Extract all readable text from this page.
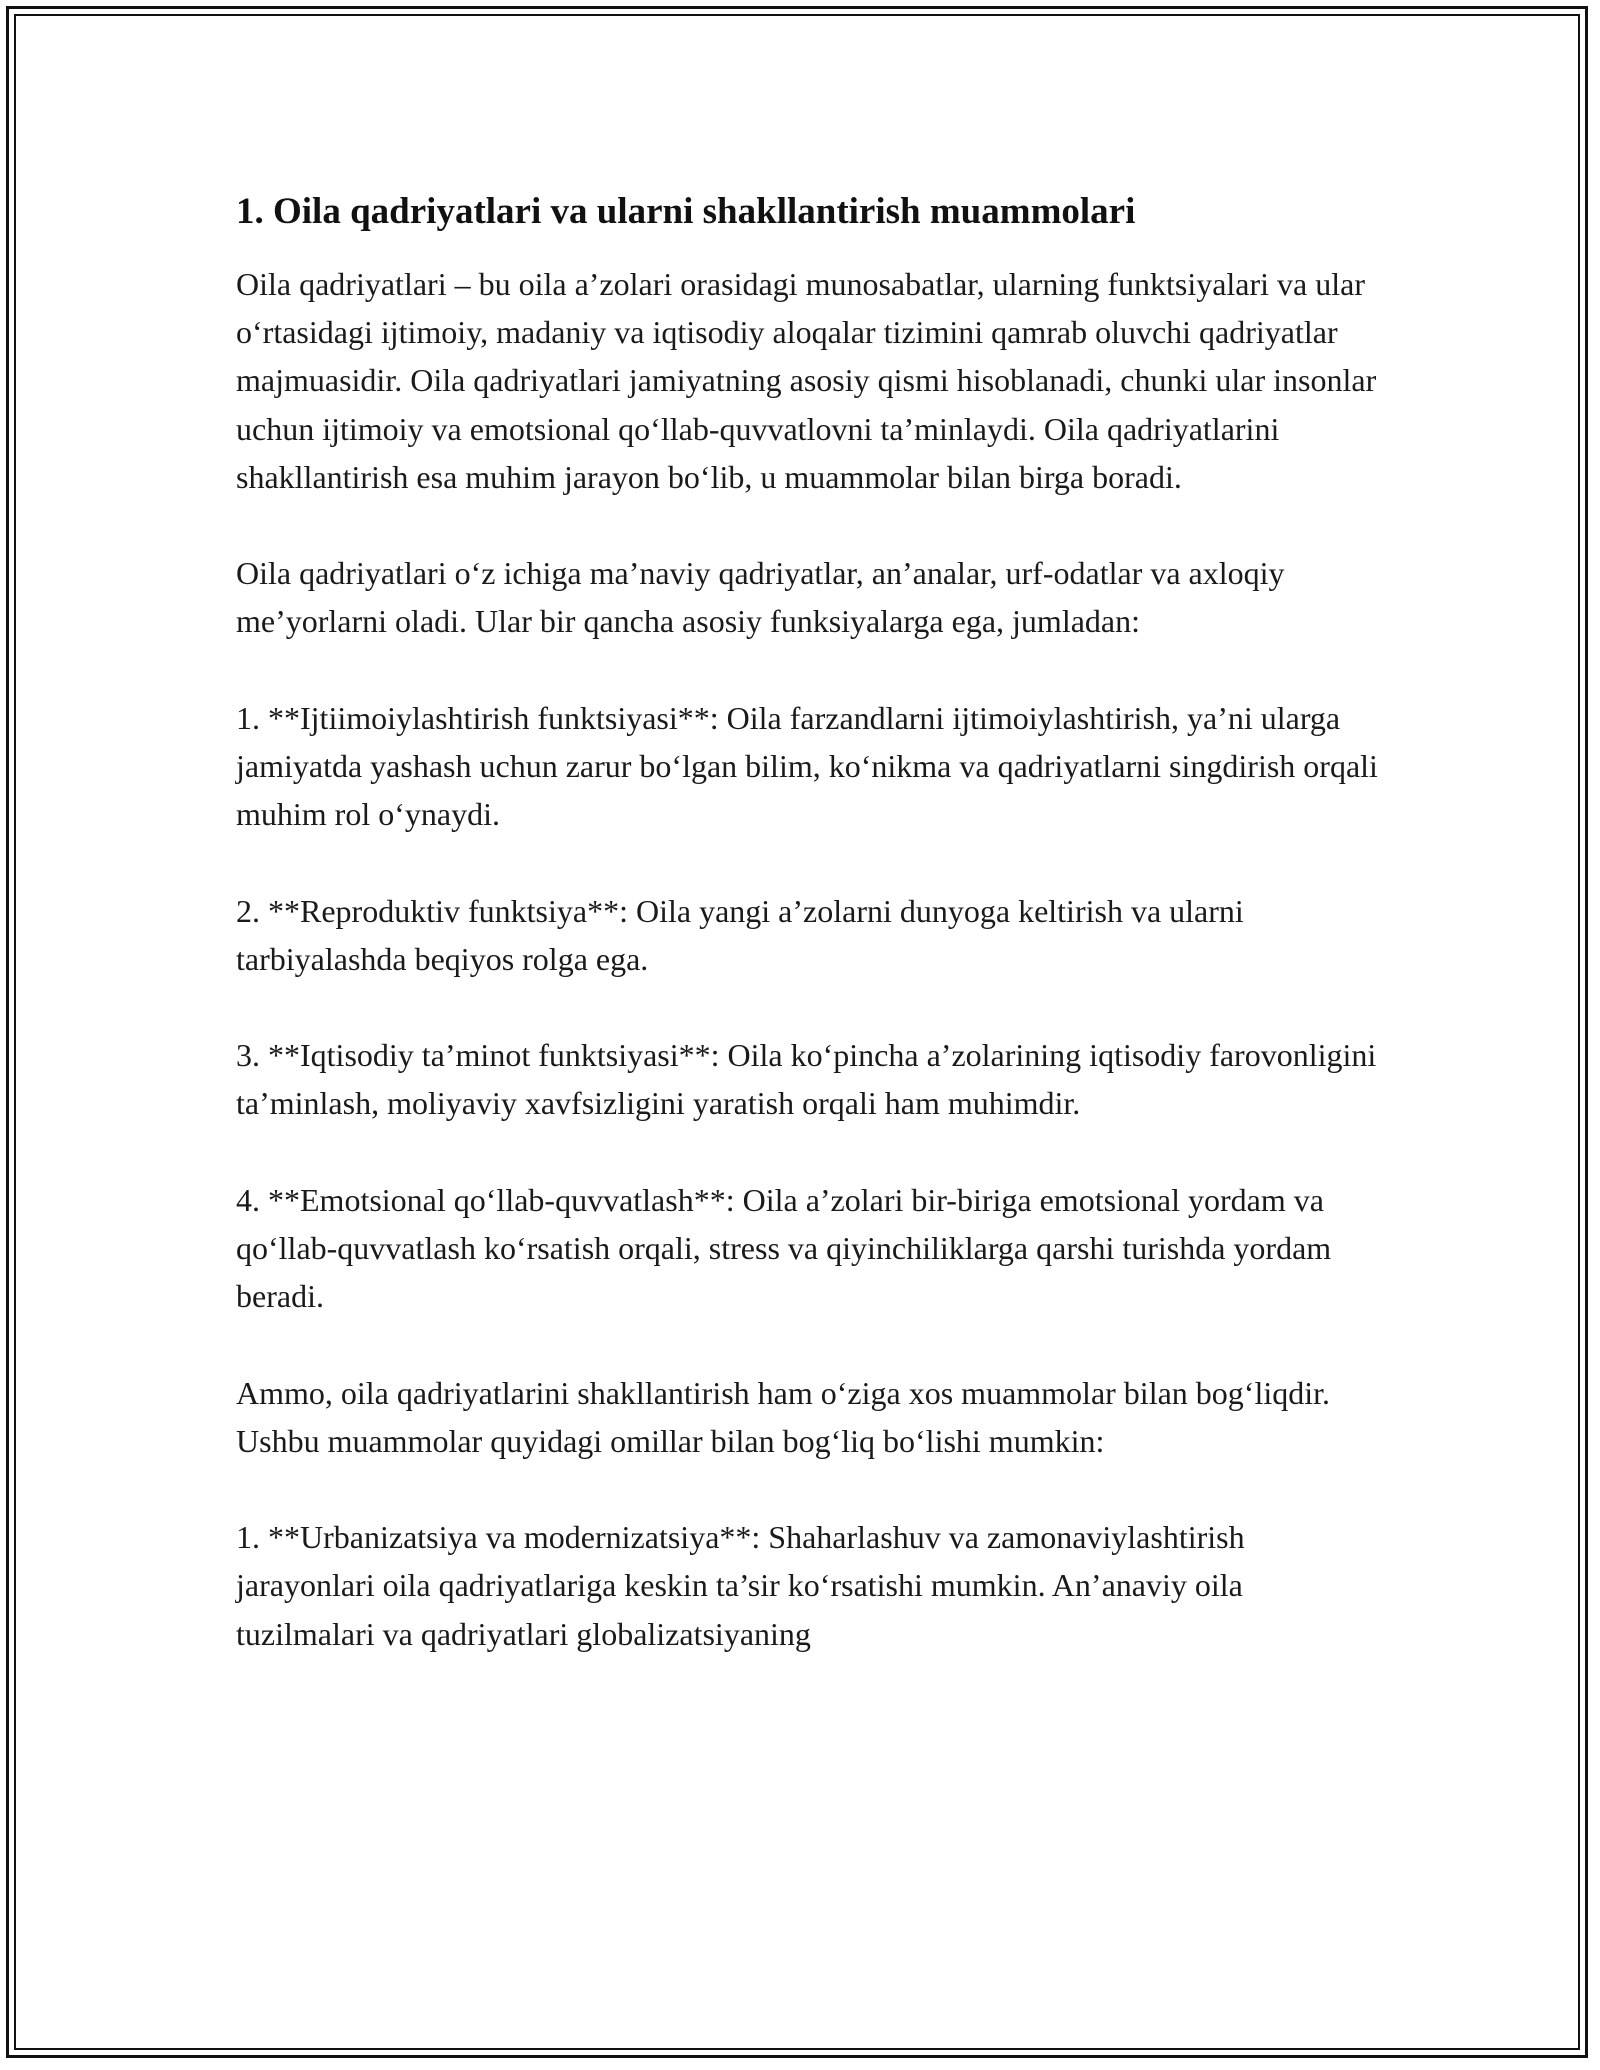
1. Oila qadriyatlari va ularni shakllantirish muammolari

Oila qadriyatlari – bu oila a’zolari orasidagi munosabatlar, ularning funktsiyalari va ular o‘rtasidagi ijtimoiy, madaniy va iqtisodiy aloqalar tizimini qamrab oluvchi qadriyatlar majmuasidir. Oila qadriyatlari jamiyatning asosiy qismi hisoblanadi, chunki ular insonlar uchun ijtimoiy va emotsional qo‘llab-quvvatlovni ta’minlaydi. Oila qadriyatlarini shakllantirish esa muhim jarayon bo‘lib, u muammolar bilan birga boradi.

Oila qadriyatlari o‘z ichiga ma’naviy qadriyatlar, an’analar, urf-odatlar va axloqiy me’yorlarni oladi. Ular bir qancha asosiy funksiyalarga ega, jumladan:

1. **Ijtiimoiylashtirish funktsiyasi**: Oila farzandlarni ijtimoiylashtirish, ya’ni ularga jamiyatda yashash uchun zarur bo‘lgan bilim, ko‘nikma va qadriyatlarni singdirish orqali muhim rol o‘ynaydi.

2. **Reproduktiv funktsiya**: Oila yangi a’zolarni dunyoga keltirish va ularni tarbiyalashda beqiyos rolga ega.

3. **Iqtisodiy ta’minot funktsiyasi**: Oila ko‘pincha a’zolarining iqtisodiy farovonligini ta’minlash, moliyaviy xavfsizligini yaratish orqali ham muhimdir.

4. **Emotsional qo‘llab-quvvatlash**: Oila a’zolari bir-biriga emotsional yordam va qo‘llab-quvvatlash ko‘rsatish orqali, stress va qiyinchiliklarga qarshi turishda yordam beradi.

Ammo, oila qadriyatlarini shakllantirish ham o‘ziga xos muammolar bilan bog‘liqdir. Ushbu muammolar quyidagi omillar bilan bog‘liq bo‘lishi mumkin:

1. **Urbanizatsiya va modernizatsiya**: Shaharlashuv va zamonaviylashtirish jarayonlari oila qadriyatlariga keskin ta’sir ko‘rsatishi mumkin. An’anaviy oila tuzilmalari va qadriyatlari globalizatsiyaning
